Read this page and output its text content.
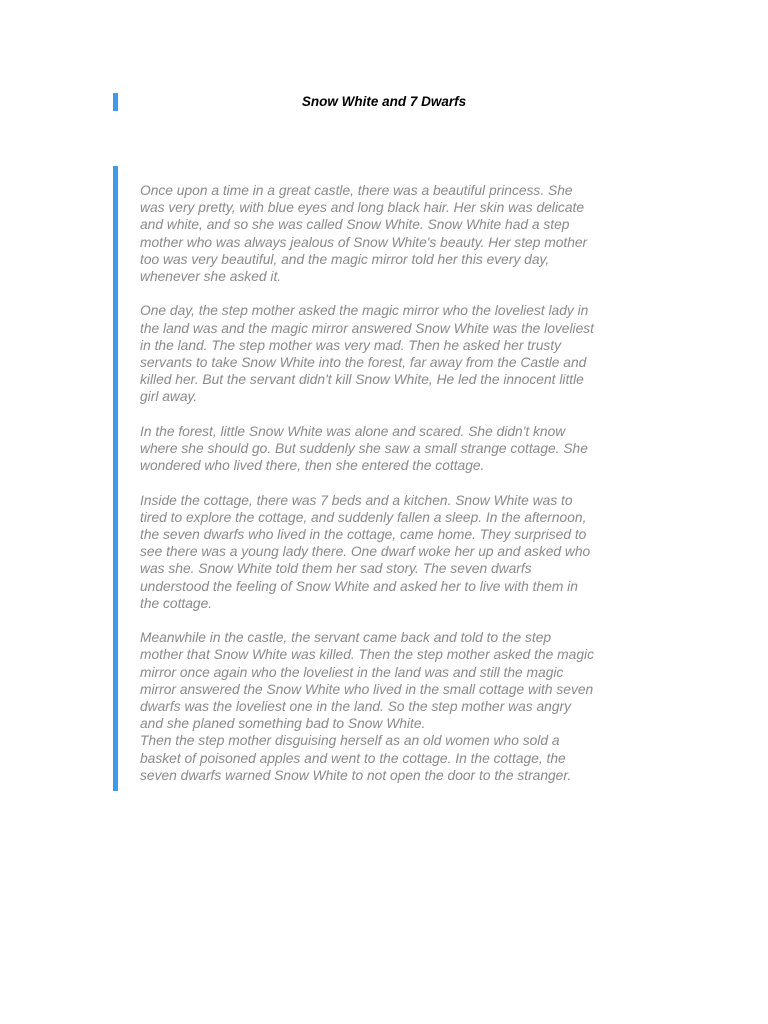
Snow White and 7 Dwarfs

Once upon a time in a great castle, there was a beautiful princess. She
was very pretty, with blue eyes and long black hair. Her skin was delicate
and white, and so she was called Snow White. Snow White had a step
mother who was always jealous of Snow White's beauty. Her step mother
too was very beautiful, and the magic mirror told her this every day,
whenever she asked it.

One day, the step mother asked the magic mirror who the loveliest lady in
the land was and the magic mirror answered Snow White was the loveliest
in the land. The step mother was very mad. Then he asked her trusty
servants to take Snow White into the forest, far away from the Castle and
killed her. But the servant didn't kill Snow White, He led the innocent little
girl away.

In the forest, little Snow White was alone and scared. She didn't know
where she should go. But suddenly she saw a small strange cottage. She
wondered who lived there, then she entered the cottage.

Inside the cottage, there was 7 beds and a kitchen. Snow White was to
tired to explore the cottage, and suddenly fallen a sleep. In the afternoon,
the seven dwarfs who lived in the cottage, came home. They surprised to
see there was a young lady there. One dwarf woke her up and asked who
was she. Snow White told them her sad story. The seven dwarfs
understood the feeling of Snow White and asked her to live with them in
the cottage.

Meanwhile in the castle, the servant came back and told to the step
mother that Snow White was killed. Then the step mother asked the magic
mirror once again who the loveliest in the land was and still the magic
mirror answered the Snow White who lived in the small cottage with seven
dwarfs was the loveliest one in the land. So the step mother was angry
and she planed something bad to Snow White.

Then the step mother disguising herself as an old women who sold a
basket of poisoned apples and went to the cottage. In the cottage, the
seven dwarfs warned Snow White to not open the door to the stranger.
